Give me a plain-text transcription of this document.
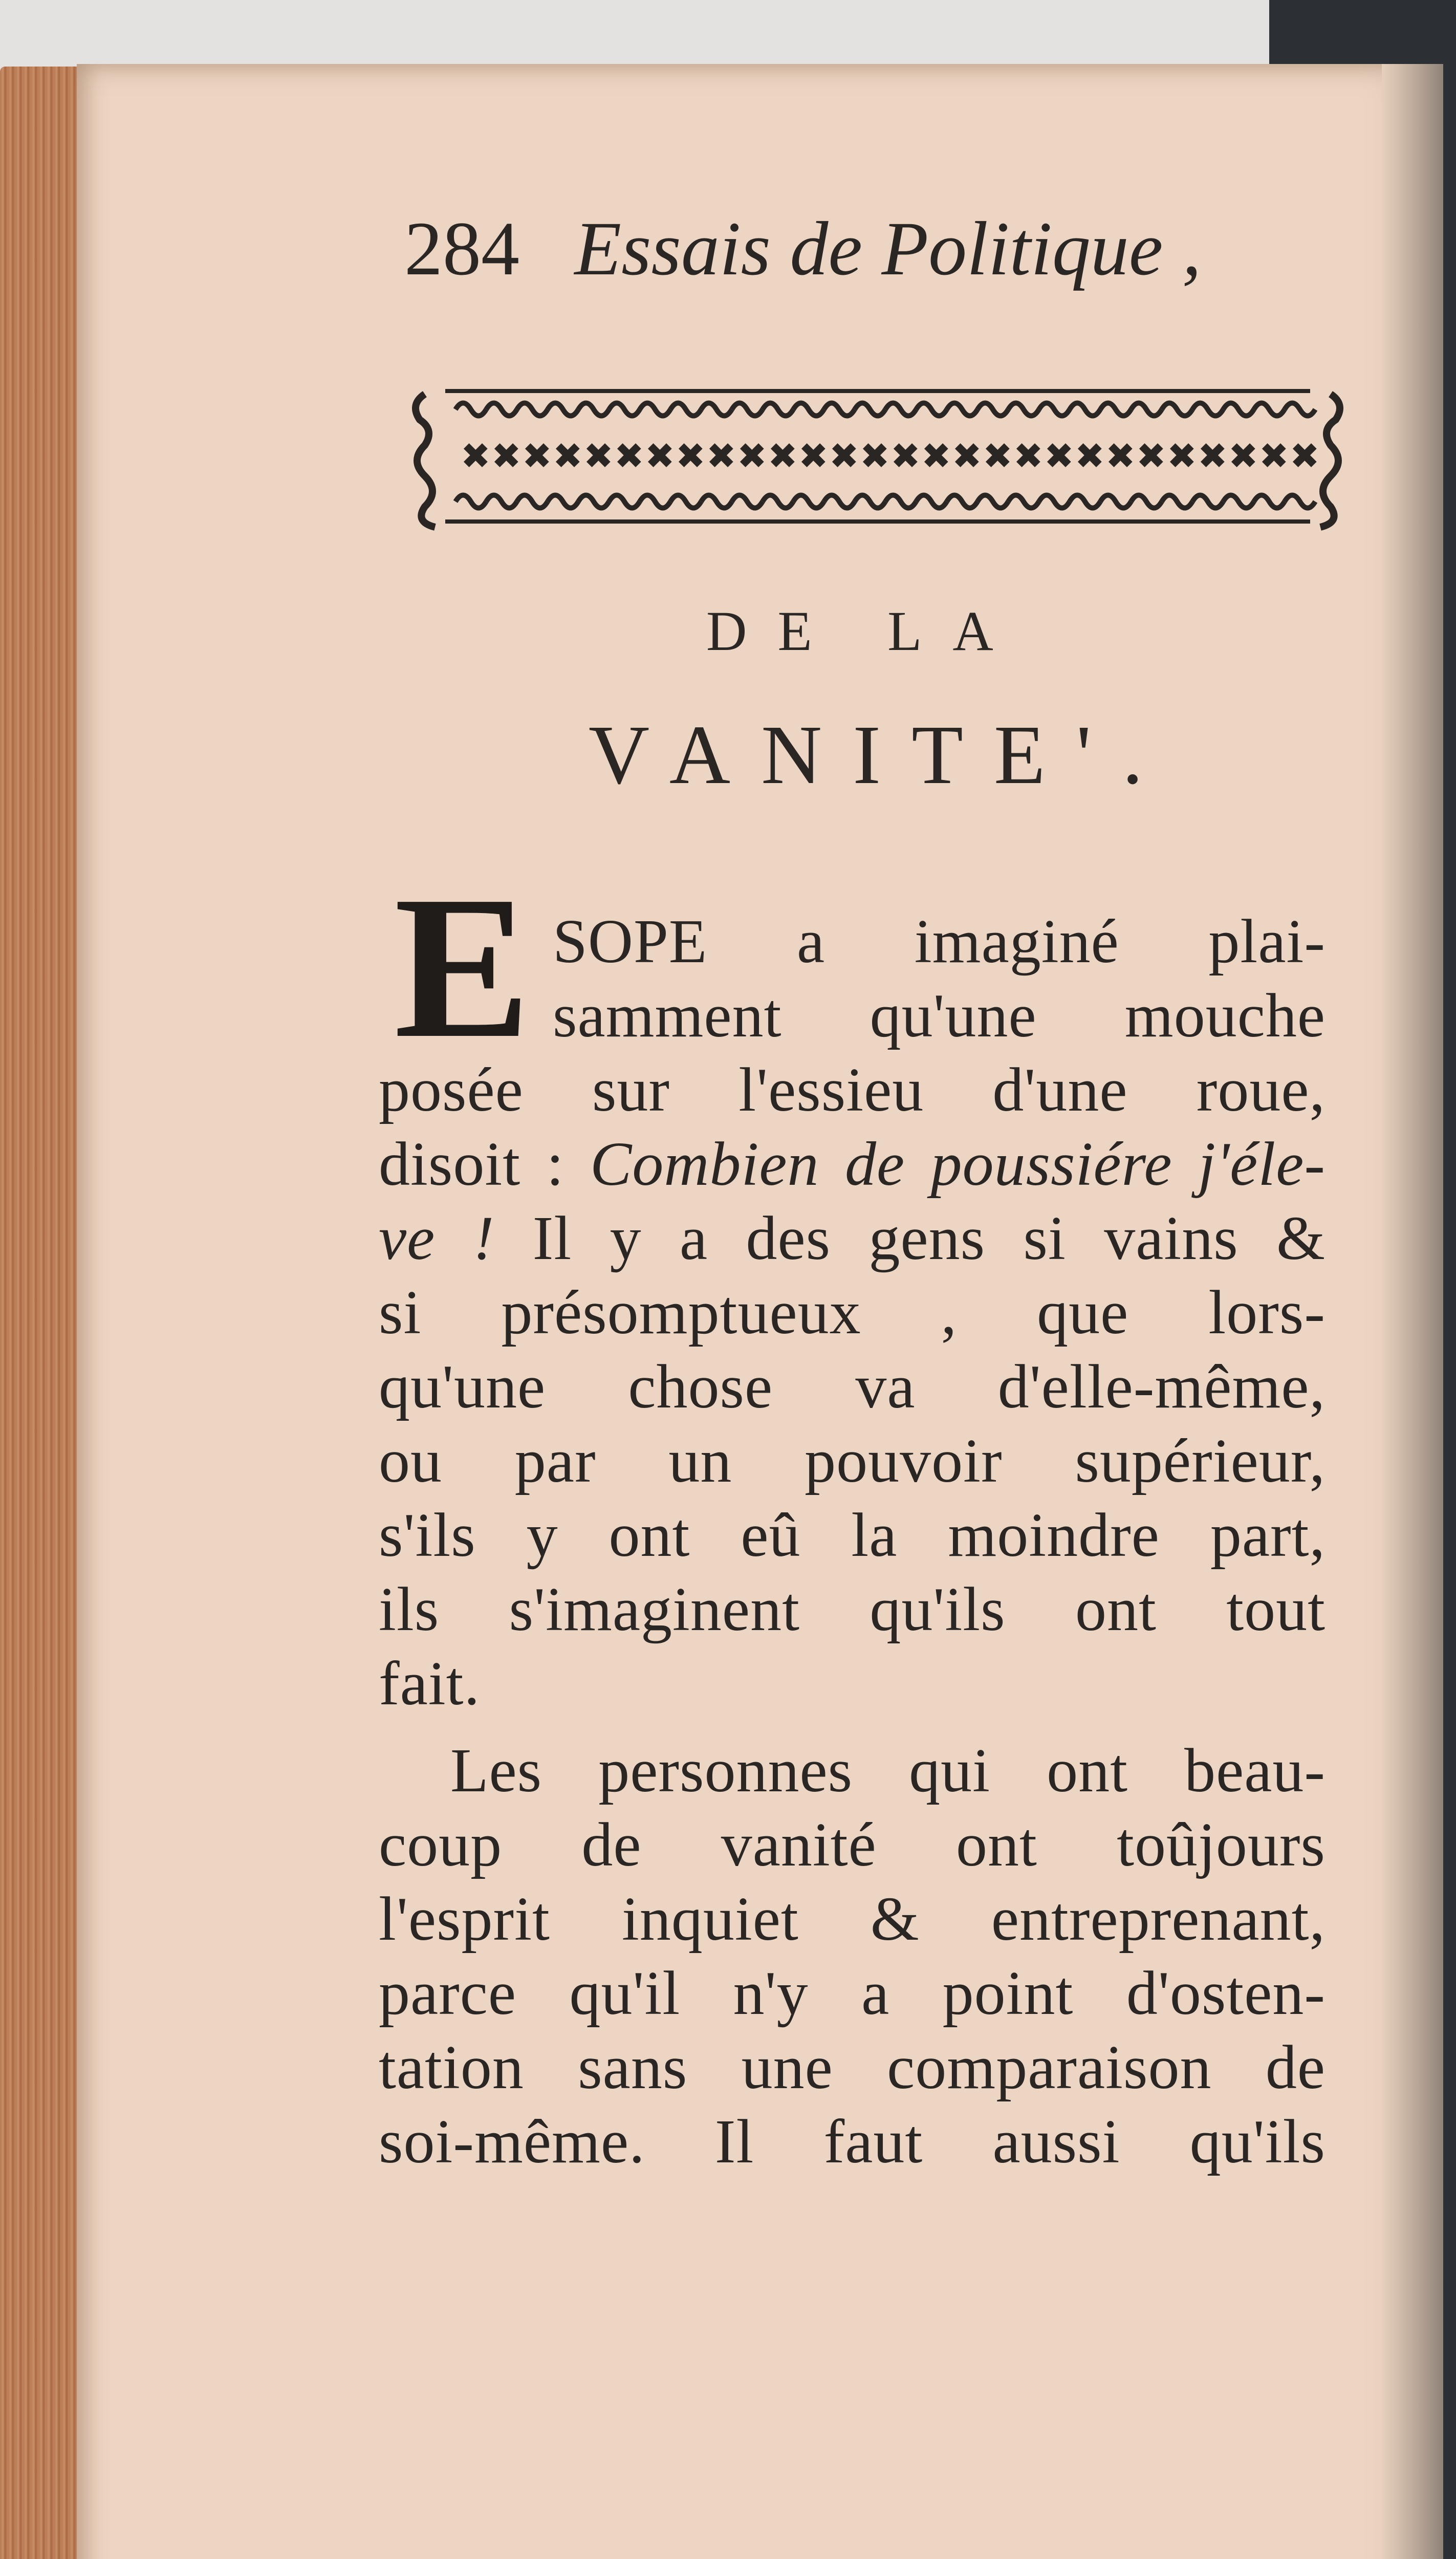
284 Essais de Politique ,
✖ ✖ ✖ ✖ ✖ ✖ ✖ ✖ ✖ ✖ ✖ ✖ ✖ ✖ ✖ ✖ ✖ ✖ ✖ ✖ ✖ ✖ ✖ ✖ ✖ ✖ ✖ ✖
DE LA
VANITE'.
E SOPE a imaginé plai-
samment qu'une mouche
posée sur l'essieu d'une roue,
disoit : Combien de poussiére j'éle-
ve ! Il y a des gens si vains &
si présomptueux , que lors-
qu'une chose va d'elle-même,
ou par un pouvoir supérieur,
s'ils y ont eû la moindre part,
ils s'imaginent qu'ils ont tout
fait.
Les personnes qui ont beau-
coup de vanité ont toûjours
l'esprit inquiet & entreprenant,
parce qu'il n'y a point d'osten-
tation sans une comparaison de
soi-même. Il faut aussi qu'ils
